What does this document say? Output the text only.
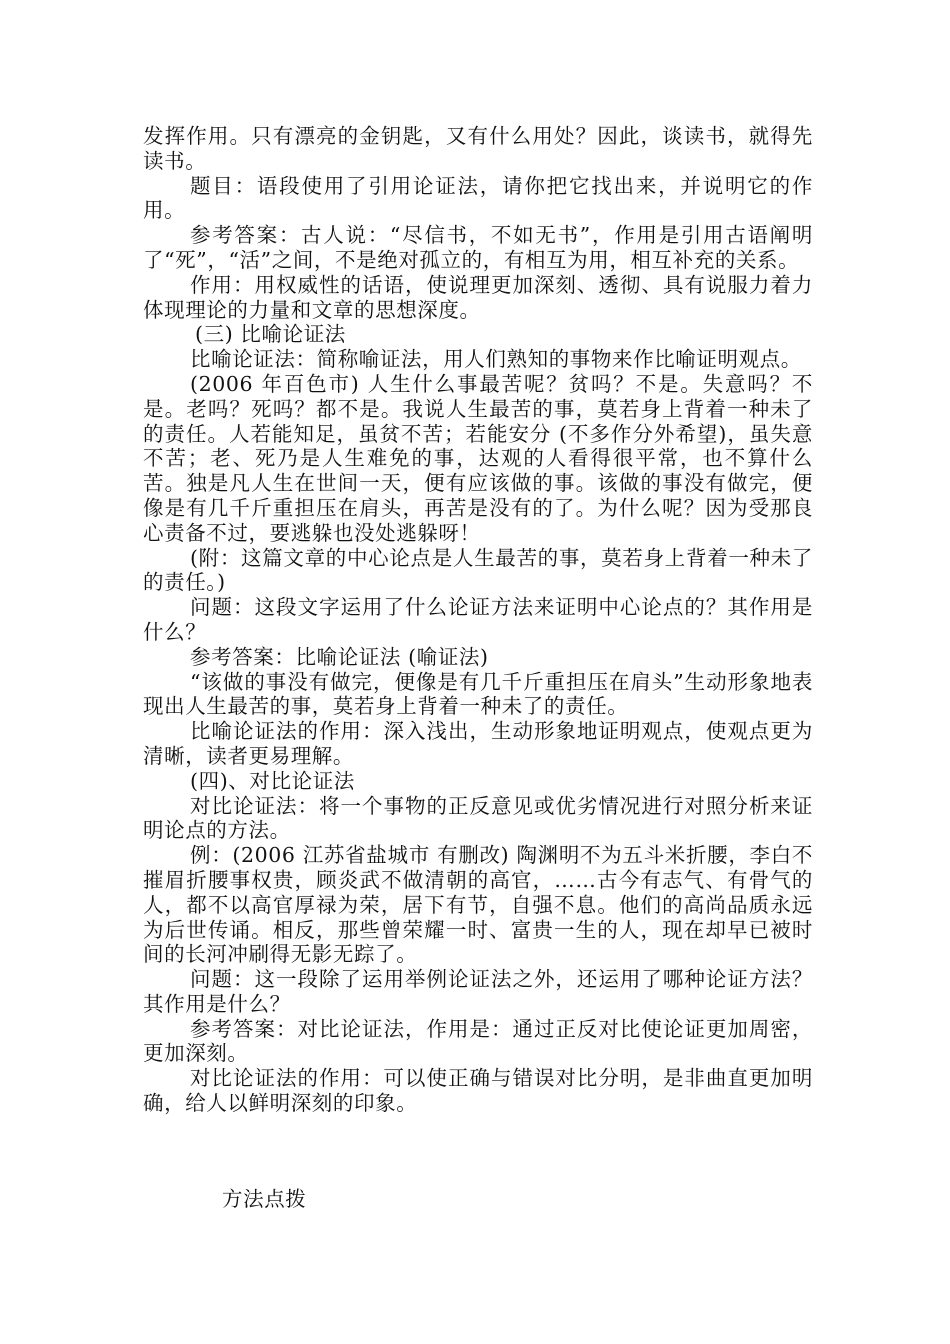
发挥作用。只有漂亮的金钥匙，又有什么用处？因此，谈读书，就得先读书。

题目：语段使用了引用论证法，请你把它找出来，并说明它的作用。

参考答案：古人说：“尽信书，不如无书”，作用是引用古语阐明了“死”，“活”之间，不是绝对孤立的，有相互为用，相互补充的关系。

作用：用权威性的话语，使说理更加深刻、透彻、具有说服力着力体现理论的力量和文章的思想深度。

(三) 比喻论证法

比喻论证法：简称喻证法，用人们熟知的事物来作比喻证明观点。

(2006 年百色市) 人生什么事最苦呢？贫吗？不是。失意吗？不是。老吗？死吗？都不是。我说人生最苦的事，莫若身上背着一种未了的责任。人若能知足，虽贫不苦；若能安分 (不多作分外希望)，虽失意不苦；老、死乃是人生难免的事，达观的人看得很平常，也不算什么苦。独是凡人生在世间一天，便有应该做的事。该做的事没有做完，便像是有几千斤重担压在肩头，再苦是没有的了。为什么呢？因为受那良心责备不过，要逃躲也没处逃躲呀！

(附：这篇文章的中心论点是人生最苦的事，莫若身上背着一种未了的责任。)

问题：这段文字运用了什么论证方法来证明中心论点的？其作用是什么？

参考答案：比喻论证法 (喻证法)

“该做的事没有做完，便像是有几千斤重担压在肩头”生动形象地表现出人生最苦的事，莫若身上背着一种未了的责任。

比喻论证法的作用：深入浅出，生动形象地证明观点，使观点更为清晰，读者更易理解。

(四)、对比论证法

对比论证法：将一个事物的正反意见或优劣情况进行对照分析来证明论点的方法。

例：(2006 江苏省盐城市 有删改) 陶渊明不为五斗米折腰，李白不摧眉折腰事权贵，顾炎武不做清朝的高官，……古今有志气、有骨气的人，都不以高官厚禄为荣，居下有节，自强不息。他们的高尚品质永远为后世传诵。相反，那些曾荣耀一时、富贵一生的人，现在却早已被时间的长河冲刷得无影无踪了。

问题：这一段除了运用举例论证法之外，还运用了哪种论证方法？其作用是什么？

参考答案：对比论证法，作用是：通过正反对比使论证更加周密，更加深刻。

对比论证法的作用：可以使正确与错误对比分明，是非曲直更加明确，给人以鲜明深刻的印象。

方法点拨
